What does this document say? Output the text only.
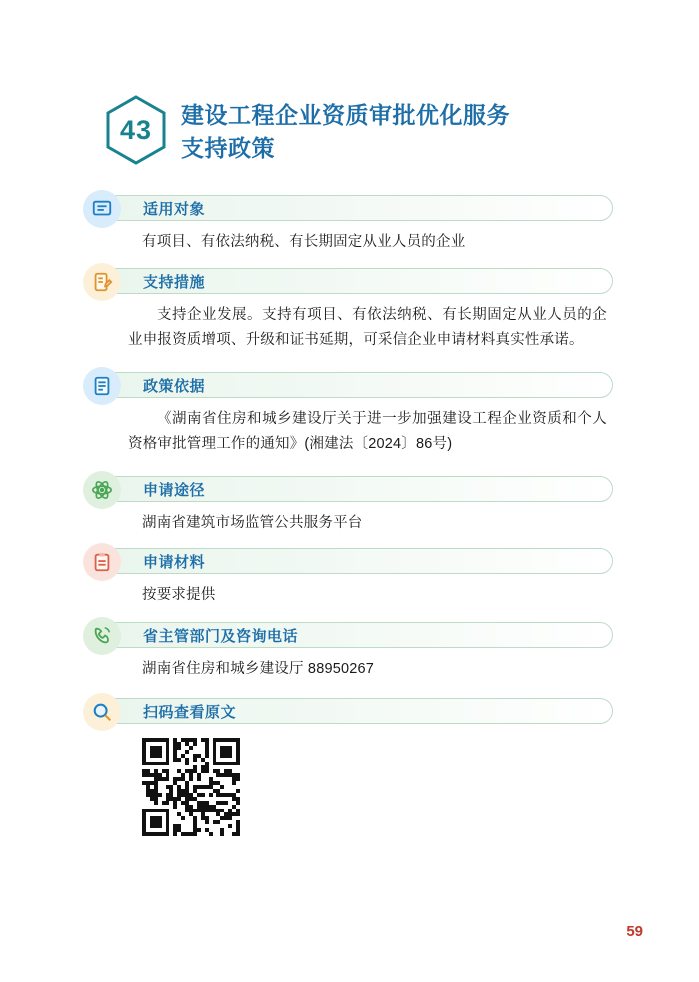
43	建设工程企业资质审批优化服务
支持政策
适用对象
有项目、有依法纳税、有长期固定从业人员的企业
支持措施
支持企业发展。支持有项目、有依法纳税、有长期固定从业人员的企业申报资质增项、升级和证书延期，可采信企业申请材料真实性承诺。
政策依据
《湖南省住房和城乡建设厅关于进一步加强建设工程企业资质和个人资格审批管理工作的通知》(湘建法〔2024〕86号)
申请途径
湖南省建筑市场监管公共服务平台
申请材料
按要求提供
省主管部门及咨询电话
湖南省住房和城乡建设厅 88950267
扫码查看原文
59
